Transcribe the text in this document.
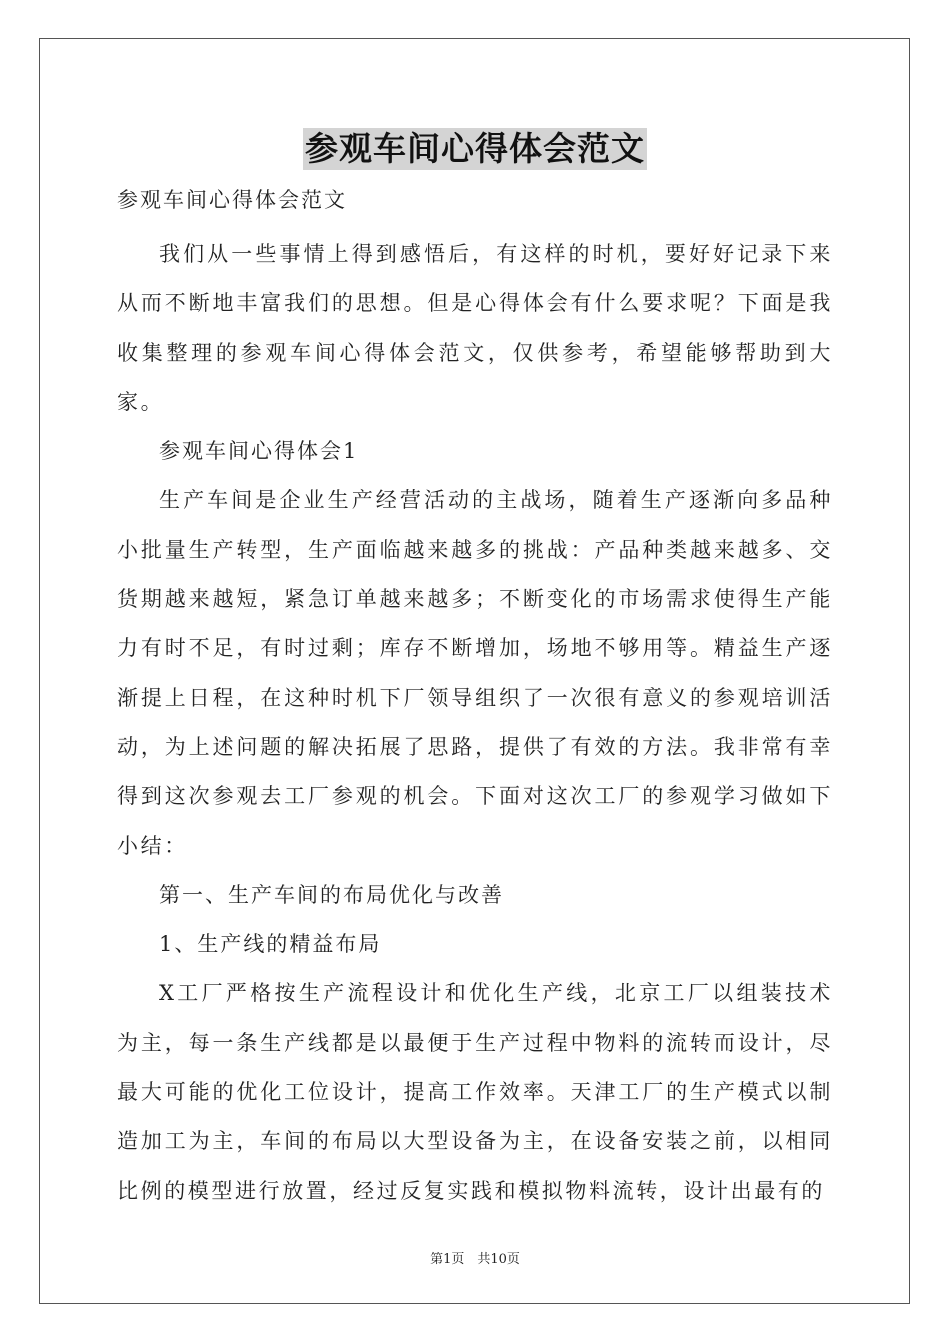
参观车间心得体会范文

参观车间心得体会范文

我们从一些事情上得到感悟后，有这样的时机，要好好记录下来从而不断地丰富我们的思想。但是心得体会有什么要求呢？下面是我收集整理的参观车间心得体会范文，仅供参考，希望能够帮助到大家。

参观车间心得体会1

生产车间是企业生产经营活动的主战场，随着生产逐渐向多品种小批量生产转型，生产面临越来越多的挑战：产品种类越来越多、交货期越来越短，紧急订单越来越多；不断变化的市场需求使得生产能力有时不足，有时过剩；库存不断增加，场地不够用等。精益生产逐渐提上日程，在这种时机下厂领导组织了一次很有意义的参观培训活动，为上述问题的解决拓展了思路，提供了有效的方法。我非常有幸得到这次参观去工厂参观的机会。下面对这次工厂的参观学习做如下小结：

第一、生产车间的布局优化与改善

1、生产线的精益布局

X工厂严格按生产流程设计和优化生产线，北京工厂以组装技术为主，每一条生产线都是以最便于生产过程中物料的流转而设计，尽最大可能的优化工位设计，提高工作效率。天津工厂的生产模式以制造加工为主，车间的布局以大型设备为主，在设备安装之前，以相同比例的模型进行放置，经过反复实践和模拟物料流转，设计出最有的

第1页　共10页
